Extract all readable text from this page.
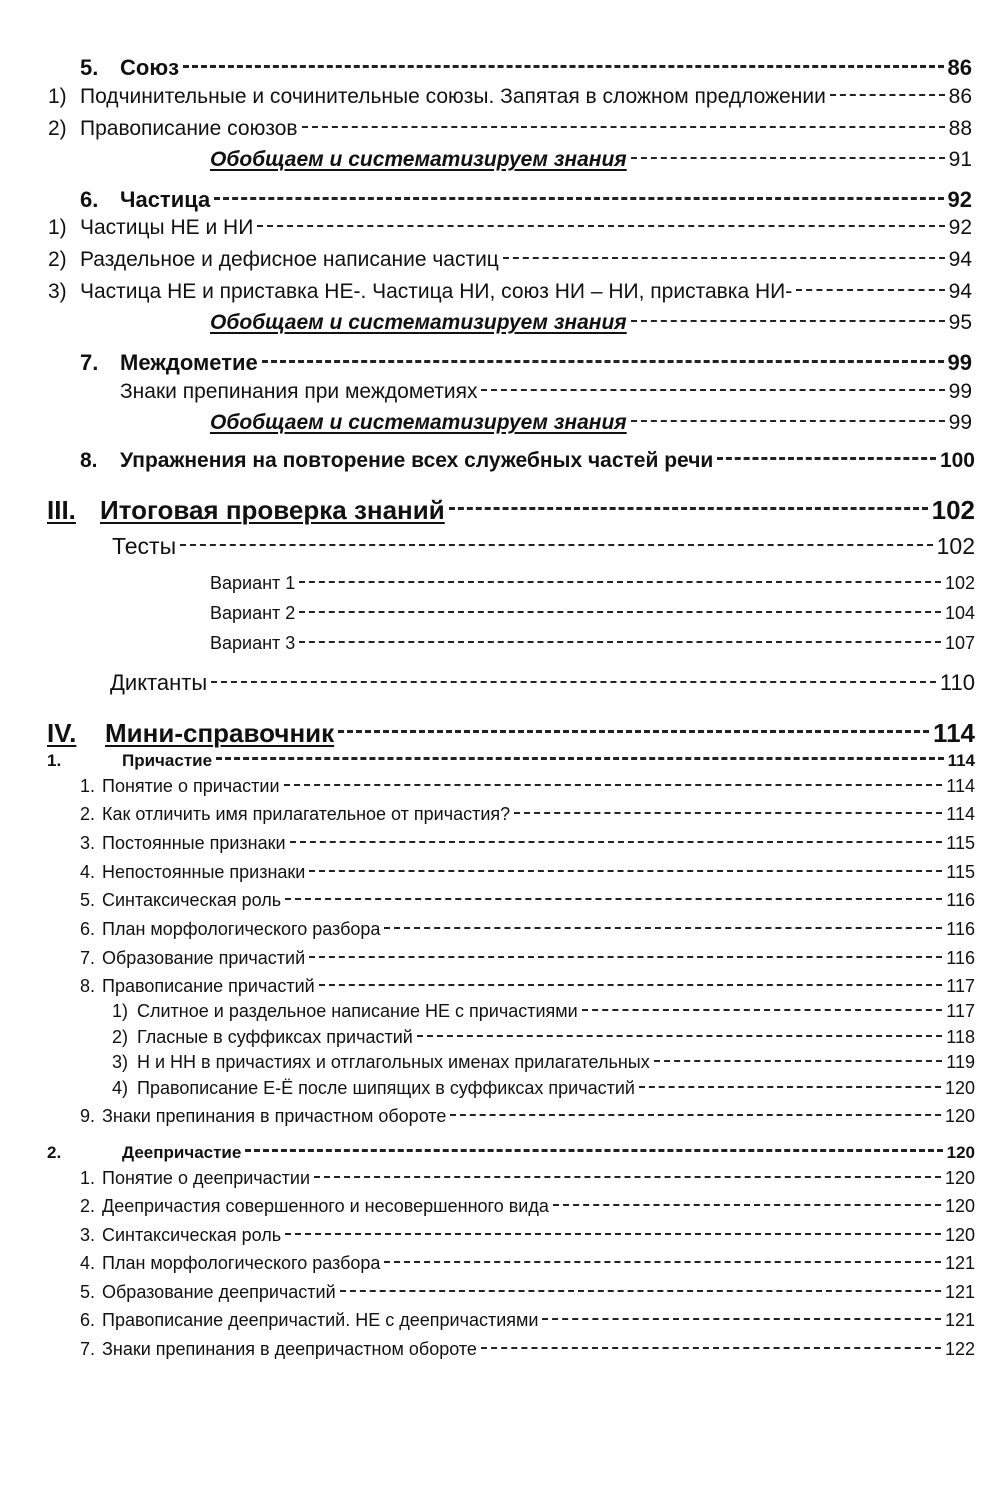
5. Союз	86
1) Подчинительные и сочинительные союзы. Запятая в сложном предложении	86
2) Правописание союзов	88
Обобщаем и систематизируем знания	91
6. Частица	92
1) Частицы НЕ и НИ	92
2) Раздельное и дефисное написание частиц	94
3) Частица НЕ и приставка НЕ-. Частица НИ, союз НИ – НИ, приставка НИ-	94
Обобщаем и систематизируем знания	95
7. Междометие	99
Знаки препинания при междометиях	99
Обобщаем и систематизируем знания	99
8. Упражнения на повторение всех служебных частей речи	100
III. Итоговая проверка знаний	102
Тесты	102
Вариант 1	102
Вариант 2	104
Вариант 3	107
Диктанты	110
IV. Мини-справочник	114
1.	Причастие	114
1. Понятие о причастии	114
2. Как отличить имя прилагательное от причастия?	114
3. Постоянные признаки	115
4. Непостоянные признаки	115
5. Синтаксическая роль	116
6. План морфологического разбора	116
7. Образование причастий	116
8. Правописание причастий	117
1) Слитное и раздельное написание НЕ с причастиями	117
2) Гласные в суффиксах причастий	118
3) Н и НН в причастиях и отглагольных именах прилагательных	119
4) Правописание Е-Ё после шипящих в суффиксах причастий	120
9. Знаки препинания в причастном обороте	120
2.	Деепричастие	120
1. Понятие о деепричастии	120
2. Деепричастия совершенного и несовершенного вида	120
3. Синтаксическая роль	120
4. План морфологического разбора	121
5. Образование деепричастий	121
6. Правописание деепричастий. НЕ с деепричастиями	121
7. Знаки препинания в деепричастном обороте	122
